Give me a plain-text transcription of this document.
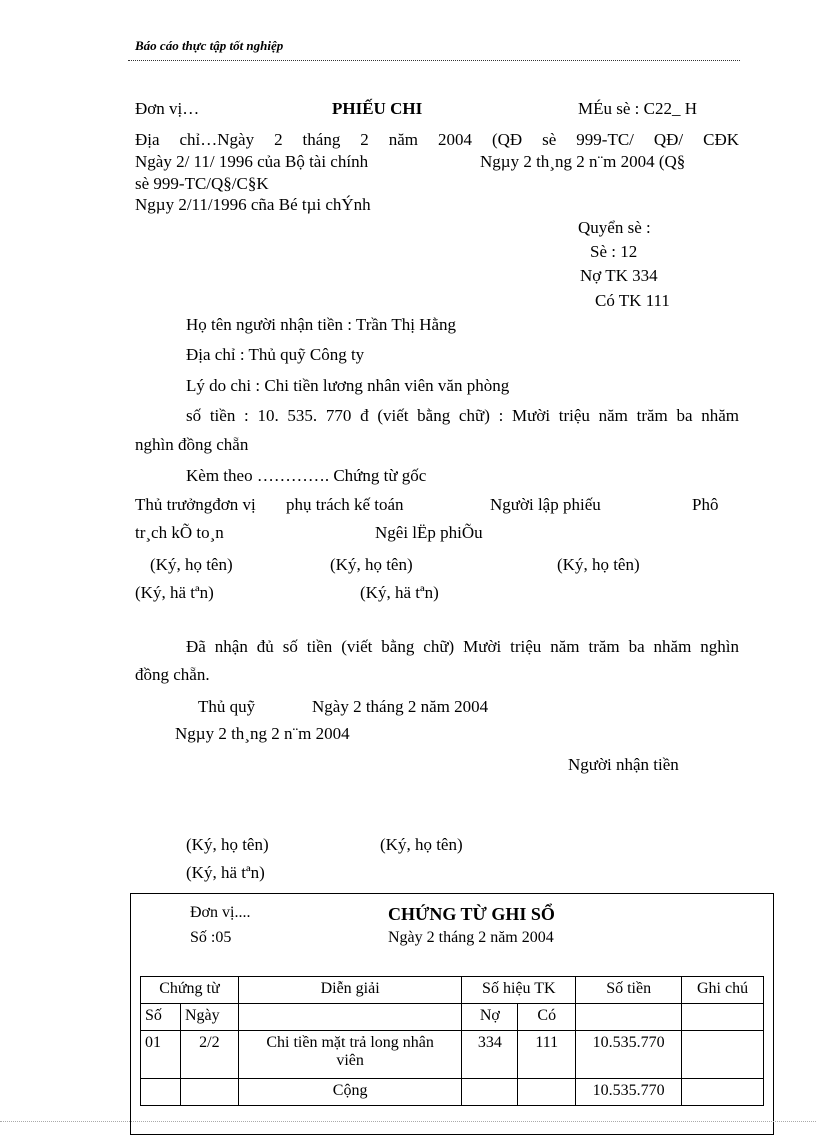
Báo cáo thực tập tốt nghiệp
Đơn vị…	PHIẾU CHI	MÉu sè : C22_ H
Địa chỉ…Ngày 2 tháng 2 năm 2004 (QĐ sè 999-TC/ QĐ/ CĐK
Ngày 2/ 11/ 1996 của Bộ tài chính	Ngµy 2 th¸ng 2 n¨m 2004 (Q§
sè 999-TC/Q§/C§K
Ngµy 2/11/1996 cña Bé tµi chÝnh
Quyển sè :
Sè : 12
Nợ TK 334
Có TK 111
Họ tên người nhận tiền : Trần Thị Hằng
Địa chỉ : Thủ quỹ Công ty
Lý do chi : Chi tiền lương nhân viên văn phòng
số tiền : 10. 535. 770 đ (viết bằng chữ) : Mười triệu năm trăm ba nhăm
nghìn đồng chẵn
Kèm theo …………. Chứng từ gốc
Thủ trưởngđơn vị phụ trách kế toán	Người lập phiếu	Phô
tr¸ch kÕ to¸n	Ngêi lËp phiÕu
(Ký, họ tên)	(Ký, họ tên)	(Ký, họ tên)
(Ký, hä tªn)	(Ký, hä tªn)
Đã nhận đủ số tiền (viết bằng chữ) Mười triệu năm trăm ba nhăm nghìn
đồng chẵn.
Thủ quỹ	Ngày 2 tháng 2 năm 2004
Ngµy 2 th¸ng 2 n¨m 2004
Người nhận tiền
(Ký, họ tên)	(Ký, họ tên)
(Ký, hä tªn)
Đơn vị....
Số :05
CHỨNG TỪ GHI SỔ
Ngày 2 tháng 2 năm 2004
Chứng từ		Diễn giải	Số hiệu TK		Số tiền	Ghi chú
Số	Ngày		Nợ	Có		
01	2/2	Chi tiền mặt trả long nhân viên	334	111	10.535.770	
		Cộng			10.535.770	
